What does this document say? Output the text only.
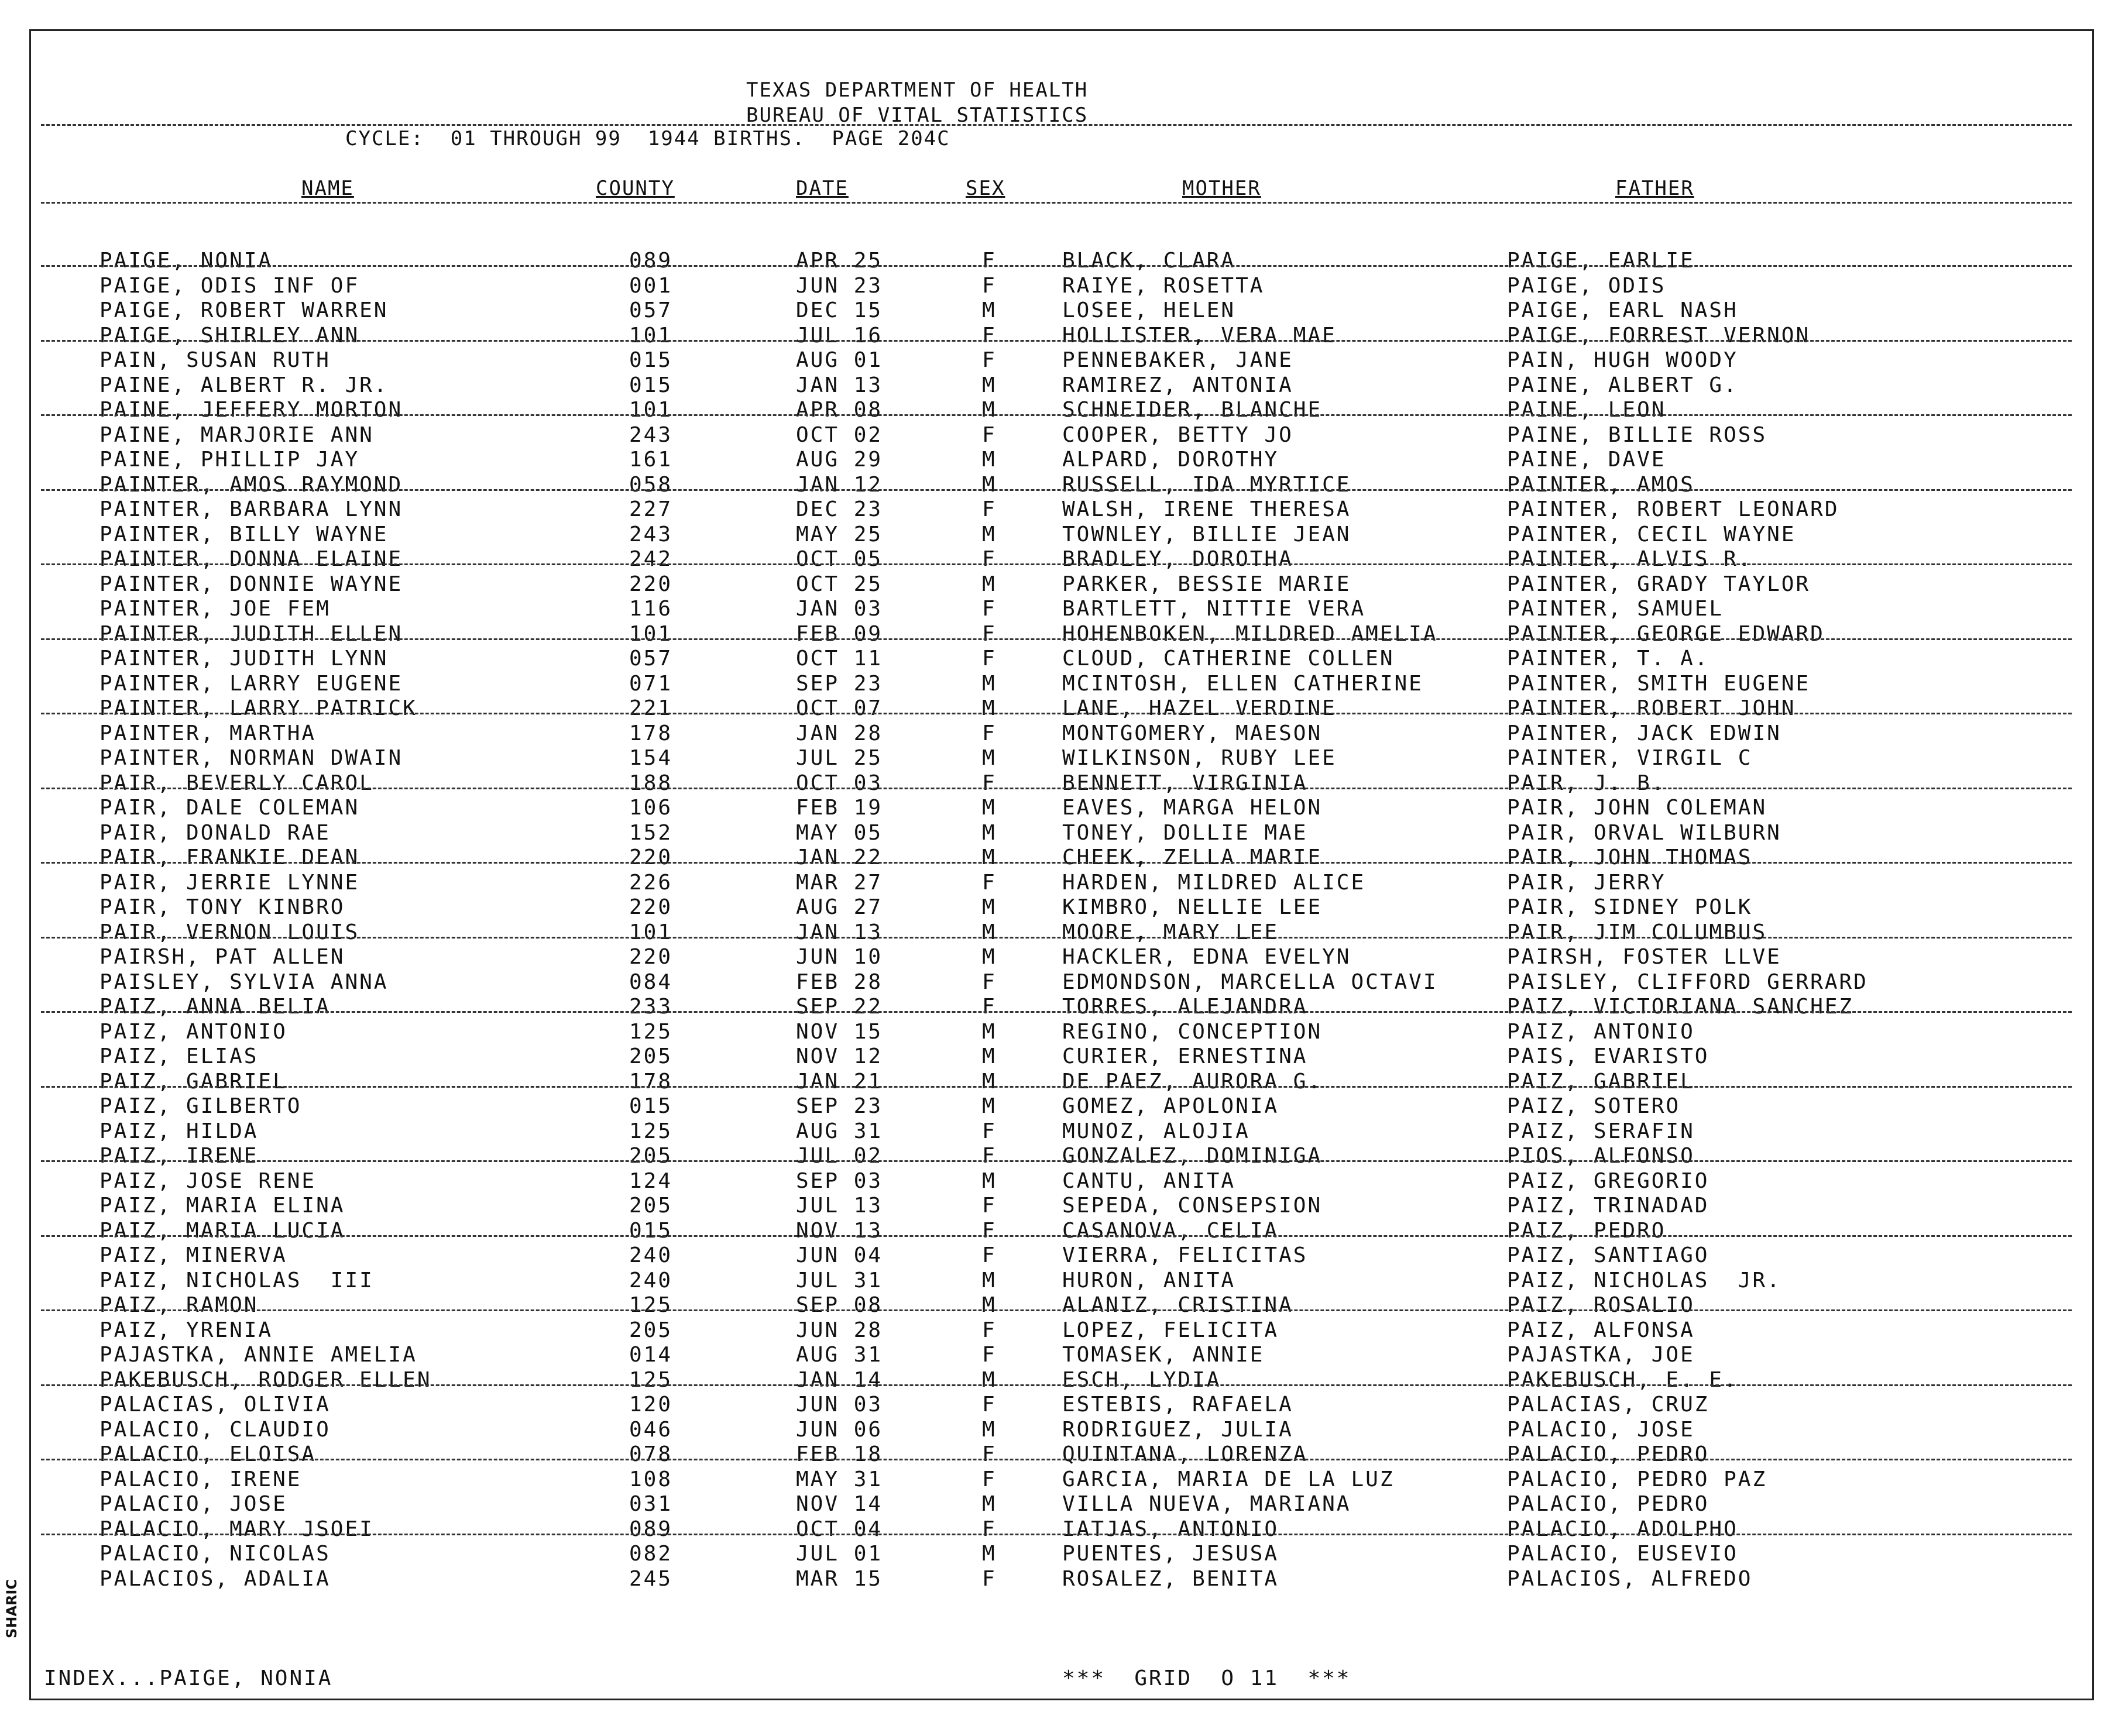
TEXAS DEPARTMENT OF HEALTH
BUREAU OF VITAL STATISTICS
CYCLE:  01 THROUGH 99  1944 BIRTHS.  PAGE 204C
NAME	COUNTY	DATE	SEX	MOTHER	FATHER
PAIGE, NONIA	089	APR 25	F	BLACK, CLARA	PAIGE, EARLIE
PAIGE, ODIS INF OF	001	JUN 23	F	RAIYE, ROSETTA	PAIGE, ODIS
PAIGE, ROBERT WARREN	057	DEC 15	M	LOSEE, HELEN	PAIGE, EARL NASH
PAIGE, SHIRLEY ANN	101	JUL 16	F	HOLLISTER, VERA MAE	PAIGE, FORREST VERNON
PAIN, SUSAN RUTH	015	AUG 01	F	PENNEBAKER, JANE	PAIN, HUGH WOODY
PAINE, ALBERT R. JR.	015	JAN 13	M	RAMIREZ, ANTONIA	PAINE, ALBERT G.
PAINE, JEFFERY MORTON	101	APR 08	M	SCHNEIDER, BLANCHE	PAINE, LEON
PAINE, MARJORIE ANN	243	OCT 02	F	COOPER, BETTY JO	PAINE, BILLIE ROSS
PAINE, PHILLIP JAY	161	AUG 29	M	ALPARD, DOROTHY	PAINE, DAVE
PAINTER, AMOS RAYMOND	058	JAN 12	M	RUSSELL, IDA MYRTICE	PAINTER, AMOS
PAINTER, BARBARA LYNN	227	DEC 23	F	WALSH, IRENE THERESA	PAINTER, ROBERT LEONARD
PAINTER, BILLY WAYNE	243	MAY 25	M	TOWNLEY, BILLIE JEAN	PAINTER, CECIL WAYNE
PAINTER, DONNA ELAINE	242	OCT 05	F	BRADLEY, DOROTHA	PAINTER, ALVIS R.
PAINTER, DONNIE WAYNE	220	OCT 25	M	PARKER, BESSIE MARIE	PAINTER, GRADY TAYLOR
PAINTER, JOE FEM	116	JAN 03	F	BARTLETT, NITTIE VERA	PAINTER, SAMUEL
PAINTER, JUDITH ELLEN	101	FEB 09	F	HOHENBOKEN, MILDRED AMELIA	PAINTER, GEORGE EDWARD
PAINTER, JUDITH LYNN	057	OCT 11	F	CLOUD, CATHERINE COLLEN	PAINTER, T. A.
PAINTER, LARRY EUGENE	071	SEP 23	M	MCINTOSH, ELLEN CATHERINE	PAINTER, SMITH EUGENE
PAINTER, LARRY PATRICK	221	OCT 07	M	LANE, HAZEL VERDINE	PAINTER, ROBERT JOHN
PAINTER, MARTHA	178	JAN 28	F	MONTGOMERY, MAESON	PAINTER, JACK EDWIN
PAINTER, NORMAN DWAIN	154	JUL 25	M	WILKINSON, RUBY LEE	PAINTER, VIRGIL C
PAIR, BEVERLY CAROL	188	OCT 03	F	BENNETT, VIRGINIA	PAIR, J. B.
PAIR, DALE COLEMAN	106	FEB 19	M	EAVES, MARGA HELON	PAIR, JOHN COLEMAN
PAIR, DONALD RAE	152	MAY 05	M	TONEY, DOLLIE MAE	PAIR, ORVAL WILBURN
PAIR, FRANKIE DEAN	220	JAN 22	M	CHEEK, ZELLA MARIE	PAIR, JOHN THOMAS
PAIR, JERRIE LYNNE	226	MAR 27	F	HARDEN, MILDRED ALICE	PAIR, JERRY
PAIR, TONY KINBRO	220	AUG 27	M	KIMBRO, NELLIE LEE	PAIR, SIDNEY POLK
PAIR, VERNON LOUIS	101	JAN 13	M	MOORE, MARY LEE	PAIR, JIM COLUMBUS
PAIRSH, PAT ALLEN	220	JUN 10	M	HACKLER, EDNA EVELYN	PAIRSH, FOSTER LLVE
PAISLEY, SYLVIA ANNA	084	FEB 28	F	EDMONDSON, MARCELLA OCTAVI	PAISLEY, CLIFFORD GERRARD
PAIZ, ANNA BELIA	233	SEP 22	F	TORRES, ALEJANDRA	PAIZ, VICTORIANA SANCHEZ
PAIZ, ANTONIO	125	NOV 15	M	REGINO, CONCEPTION	PAIZ, ANTONIO
PAIZ, ELIAS	205	NOV 12	M	CURIER, ERNESTINA	PAIS, EVARISTO
PAIZ, GABRIEL	178	JAN 21	M	DE PAEZ, AURORA G.	PAIZ, GABRIEL
PAIZ, GILBERTO	015	SEP 23	M	GOMEZ, APOLONIA	PAIZ, SOTERO
PAIZ, HILDA	125	AUG 31	F	MUNOZ, ALOJIA	PAIZ, SERAFIN
PAIZ, IRENE	205	JUL 02	F	GONZALEZ, DOMINIGA	PIOS, ALFONSO
PAIZ, JOSE RENE	124	SEP 03	M	CANTU, ANITA	PAIZ, GREGORIO
PAIZ, MARIA ELINA	205	JUL 13	F	SEPEDA, CONSEPSION	PAIZ, TRINADAD
PAIZ, MARIA LUCIA	015	NOV 13	F	CASANOVA, CELIA	PAIZ, PEDRO
PAIZ, MINERVA	240	JUN 04	F	VIERRA, FELICITAS	PAIZ, SANTIAGO
PAIZ, NICHOLAS  III	240	JUL 31	M	HURON, ANITA	PAIZ, NICHOLAS  JR.
PAIZ, RAMON	125	SEP 08	M	ALANIZ, CRISTINA	PAIZ, ROSALIO
PAIZ, YRENIA	205	JUN 28	F	LOPEZ, FELICITA	PAIZ, ALFONSA
PAJASTKA, ANNIE AMELIA	014	AUG 31	F	TOMASEK, ANNIE	PAJASTKA, JOE
PAKEBUSCH, RODGER ELLEN	125	JAN 14	M	ESCH, LYDIA	PAKEBUSCH, E. E.
PALACIAS, OLIVIA	120	JUN 03	F	ESTEBIS, RAFAELA	PALACIAS, CRUZ
PALACIO, CLAUDIO	046	JUN 06	M	RODRIGUEZ, JULIA	PALACIO, JOSE
PALACIO, ELOISA	078	FEB 18	F	QUINTANA, LORENZA	PALACIO, PEDRO
PALACIO, IRENE	108	MAY 31	F	GARCIA, MARIA DE LA LUZ	PALACIO, PEDRO PAZ
PALACIO, JOSE	031	NOV 14	M	VILLA NUEVA, MARIANA	PALACIO, PEDRO
PALACIO, MARY JSOEI	089	OCT 04	F	IATJAS, ANTONIO	PALACIO, ADOLPHO
PALACIO, NICOLAS	082	JUL 01	M	PUENTES, JESUSA	PALACIO, EUSEVIO
PALACIOS, ADALIA	245	MAR 15	F	ROSALEZ, BENITA	PALACIOS, ALFREDO
INDEX...PAIGE, NONIA	***  GRID  O 11  ***
SHARIC
